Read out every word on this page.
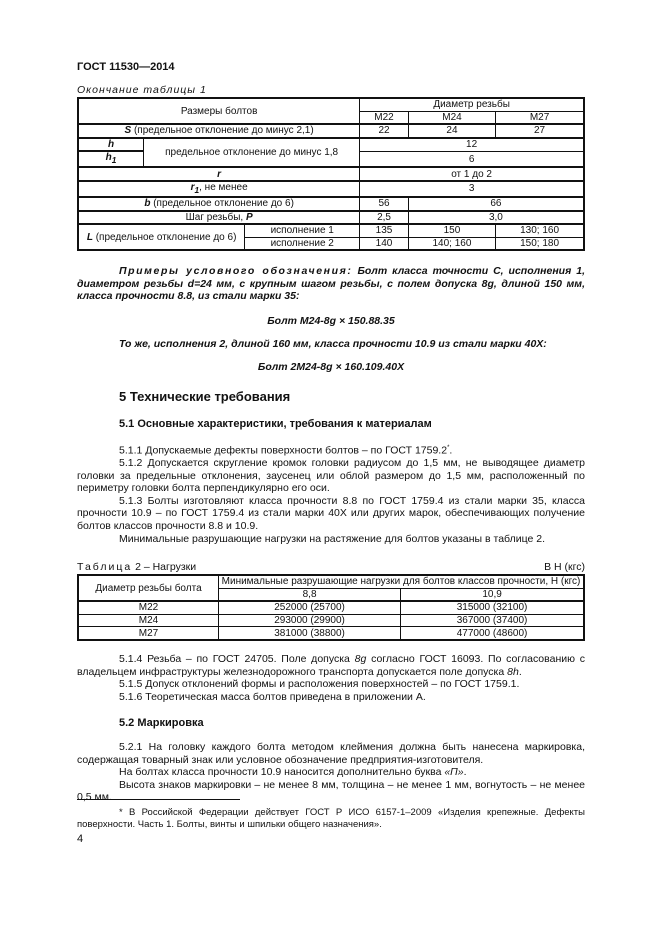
ГОСТ 11530—2014
Окончание таблицы 1
Размеры болтов			Диаметр резьбы		
			M22	M24	M27
S (предельное отклонение до минус 2,1)			22	24	27
h	предельное отклонение до минус 1,8		12		
$h_1$			6		
r			от 1 до 2		
$r_1$, не менее			3		
b (предельное отклонение до 6)			56	66	
Шаг резьбы, P			2,5	3,0	
L (предельное отклонение до 6)		исполнение 1	135	150	130; 160
		исполнение 2	140	140; 160	150; 180

Примеры условного обозначения: Болт класса точности С, исполнения 1, диаметром резьбы d=24 мм, с крупным шагом резьбы, с полем допуска 8g, длиной 150 мм, класса прочности 8.8, из стали марки 35:

Болт М24-8g × 150.88.35

То же, исполнения 2, длиной 160 мм, класса прочности 10.9 из стали марки 40Х:

Болт 2М24-8g × 160.109.40Х

5 Технические требования
5.1 Основные характеристики, требования к материалам

5.1.1 Допускаемые дефекты поверхности болтов – по ГОСТ 1759.2*.

5.1.2 Допускается скругление кромок головки радиусом до 1,5 мм, не выводящее диаметр головки за предельные отклонения, заусенец или облой размером до 1,5 мм, расположенный по периметру головки болта перпендикулярно его оси.

5.1.3 Болты изготовляют класса прочности 8.8 по ГОСТ 1759.4 из стали марки 35, класса прочности 10.9 – по ГОСТ 1759.4 из стали марки 40Х или других марок, обеспечивающих получение болтов классов прочности 8.8 и 10.9.

Минимальные разрушающие нагрузки на растяжение для болтов указаны в таблице 2.

Таблица 2 – Нагрузки	В Н (кгс)
Диаметр резьбы болта	Минимальные разрушающие нагрузки для болтов классов прочности, Н (кгс)	
	8,8	10,9
М22	252000 (25700)	315000 (32100)
М24	293000 (29900)	367000 (37400)
М27	381000 (38800)	477000 (48600)

5.1.4 Резьба – по ГОСТ 24705. Поле допуска 8g согласно ГОСТ 16093. По согласованию с владельцем инфраструктуры железнодорожного транспорта допускается поле допуска 8h.

5.1.5 Допуск отклонений формы и расположения поверхностей – по ГОСТ 1759.1.

5.1.6 Теоретическая масса болтов приведена в приложении А.

5.2 Маркировка

5.2.1 На головку каждого болта методом клеймения должна быть нанесена маркировка, содержащая товарный знак или условное обозначение предприятия-изготовителя.

На болтах класса прочности 10.9 наносится дополнительно буква «П».

Высота знаков маркировки – не менее 8 мм, толщина – не менее 1 мм, вогнутость – не менее 0,5 мм.

* В Российской Федерации действует ГОСТ Р ИСО 6157-1–2009 «Изделия крепежные. Дефекты поверхности. Часть 1. Болты, винты и шпильки общего назначения».

4
